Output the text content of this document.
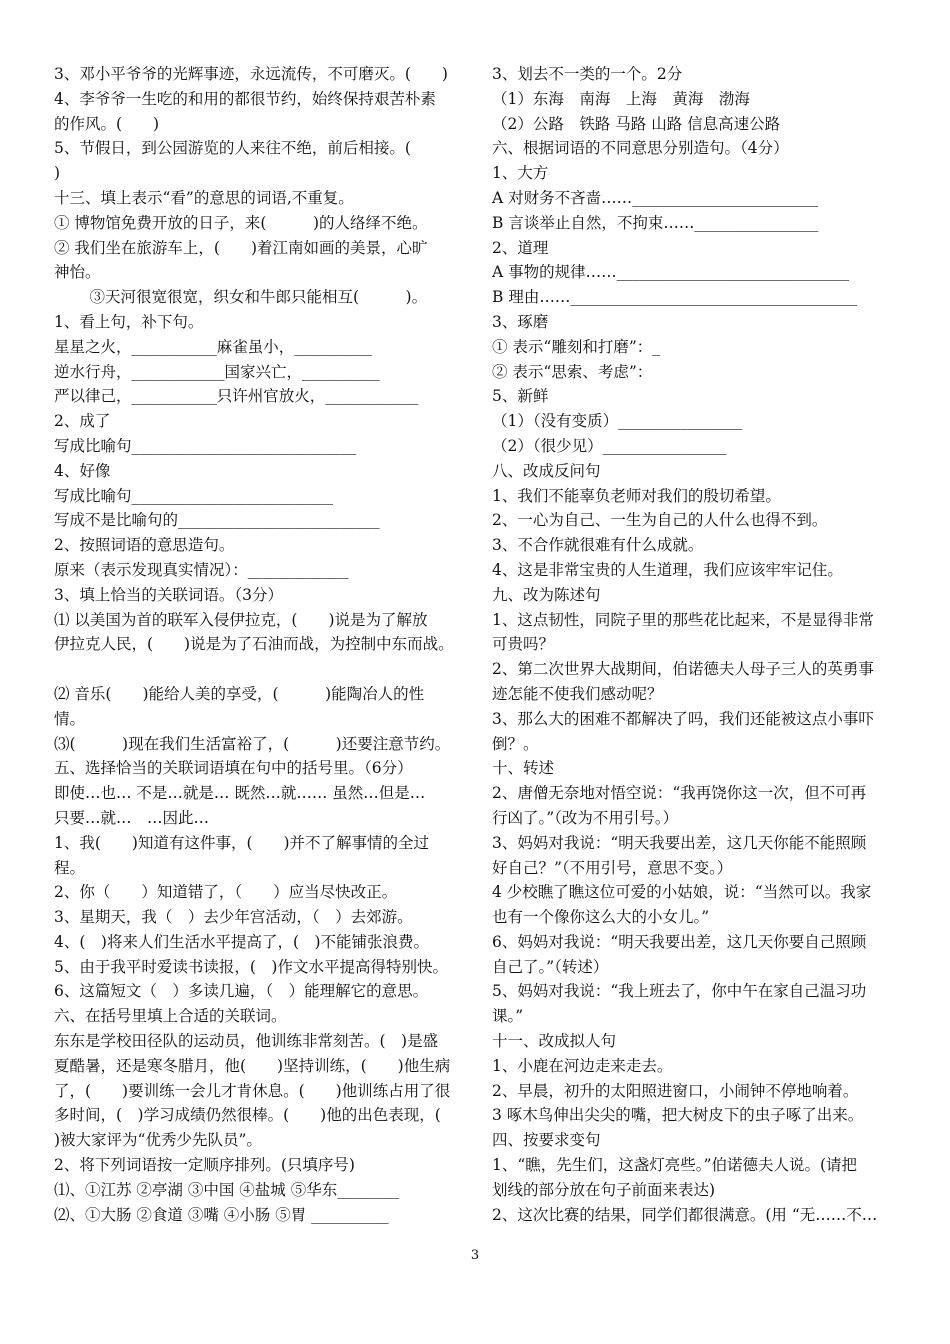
3、邓小平爷爷的光辉事迹，永远流传，不可磨灭。(　　)
4、李爷爷一生吃的和用的都很节约，始终保持艰苦朴素
的作风。(　　)
5、节假日，到公园游览的人来往不绝，前后相接。(
)
十三、填上表示“看”的意思的词语,不重复。
① 博物馆免费开放的日子，来(　　　)的人络绎不绝。
② 我们坐在旅游车上，(　　)着江南如画的美景，心旷
神怡。
　③天河很宽很宽，织女和牛郎只能相互(　　　)。
1、看上句，补下句。
星星之火，___________麻雀虽小，__________
逆水行舟，____________国家兴亡，__________
严以律己，___________只许州官放火，____________
2、成了
写成比喻句_____________________________
4、好像
写成比喻句__________________________
写成不是比喻句的__________________________
2、按照词语的意思造句。
原来（表示发现真实情况）：_____________
3、填上恰当的关联词语。（3分）
⑴ 以美国为首的联军入侵伊拉克，(　　)说是为了解放
伊拉克人民，(　　)说是为了石油而战，为控制中东而战。
⑵ 音乐(　　)能给人美的享受，(　　　)能陶冶人的性
情。
⑶(　　　)现在我们生活富裕了，(　　　)还要注意节约。
五、选择恰当的关联词语填在句中的括号里。（6分）
即使…也… 不是…就是… 既然…就…… 虽然…但是…
只要…就…　…因此…
1、我(　　)知道有这件事，(　　)并不了解事情的全过
程。
2、你（　　）知道错了，（　　）应当尽快改正。
3、星期天，我（　）去少年宫活动，（　）去郊游。
4、(　)将来人们生活水平提高了，(　)不能铺张浪费。
5、由于我平时爱读书读报，(　)作文水平提高得特别快。
6、这篇短文（　）多读几遍，（　）能理解它的意思。
六、在括号里填上合适的关联词。
东东是学校田径队的运动员，他训练非常刻苦。(　)是盛
夏酷暑，还是寒冬腊月，他(　　)坚持训练，(　　)他生病
了，(　　)要训练一会儿才肯休息。(　　)他训练占用了很
多时间，(　)学习成绩仍然很棒。(　　)他的出色表现，(
)被大家评为“优秀少先队员”。
2、将下列词语按一定顺序排列。(只填序号)
⑴、①江苏 ②亭湖 ③中国 ④盐城 ⑤华东________
⑵、①大肠 ②食道 ③嘴 ④小肠 ⑤胃 __________
3、划去不一类的一个。2分
（1）东海　南海　上海　黄海　渤海
（2）公路　铁路 马路 山路 信息高速公路
六、根据词语的不同意思分别造句。（4分）
1、大方
A 对财务不吝啬……________________________
B 言谈举止自然，不拘束……________________
2、道理
A 事物的规律……______________________________
B 理由……_____________________________________
3、琢磨
① 表示“雕刻和打磨”：_
② 表示“思索、考虑”：
5、新鲜
（1）（没有变质）________________
（2）（很少见）________________
八、改成反问句
1、我们不能辜负老师对我们的殷切希望。
2、一心为自己、一生为自己的人什么也得不到。
3、不合作就很难有什么成就。
4、这是非常宝贵的人生道理，我们应该牢牢记住。
九、改为陈述句
1、这点韧性，同院子里的那些花比起来，不是显得非常
可贵吗？
2、第二次世界大战期间，伯诺德夫人母子三人的英勇事
迹怎能不使我们感动呢？
3、那么大的困难不都解决了吗，我们还能被这点小事吓
倒？。
十、转述
2、唐僧无奈地对悟空说：“我再饶你这一次，但不可再
行凶了。”（改为不用引号。）
3、妈妈对我说：“明天我要出差，这几天你能不能照顾
好自己？”（不用引号，意思不变。）
4 少校瞧了瞧这位可爱的小姑娘，说：“当然可以。我家
也有一个像你这么大的小女儿。”
6、妈妈对我说：“明天我要出差，这几天你要自己照顾
自己了。”（转述）
5、妈妈对我说：“我上班去了，你中午在家自己温习功
课。”
十一、改成拟人句
1、小鹿在河边走来走去。
2、早晨，初升的太阳照进窗口，小闹钟不停地响着。
3 啄木鸟伸出尖尖的嘴，把大树皮下的虫子啄了出来。
四、按要求变句
1、“瞧，先生们，这盏灯亮些。”伯诺德夫人说。(请把
划线的部分放在句子前面来表达)
2、这次比赛的结果，同学们都很满意。(用 “无……不…
3
